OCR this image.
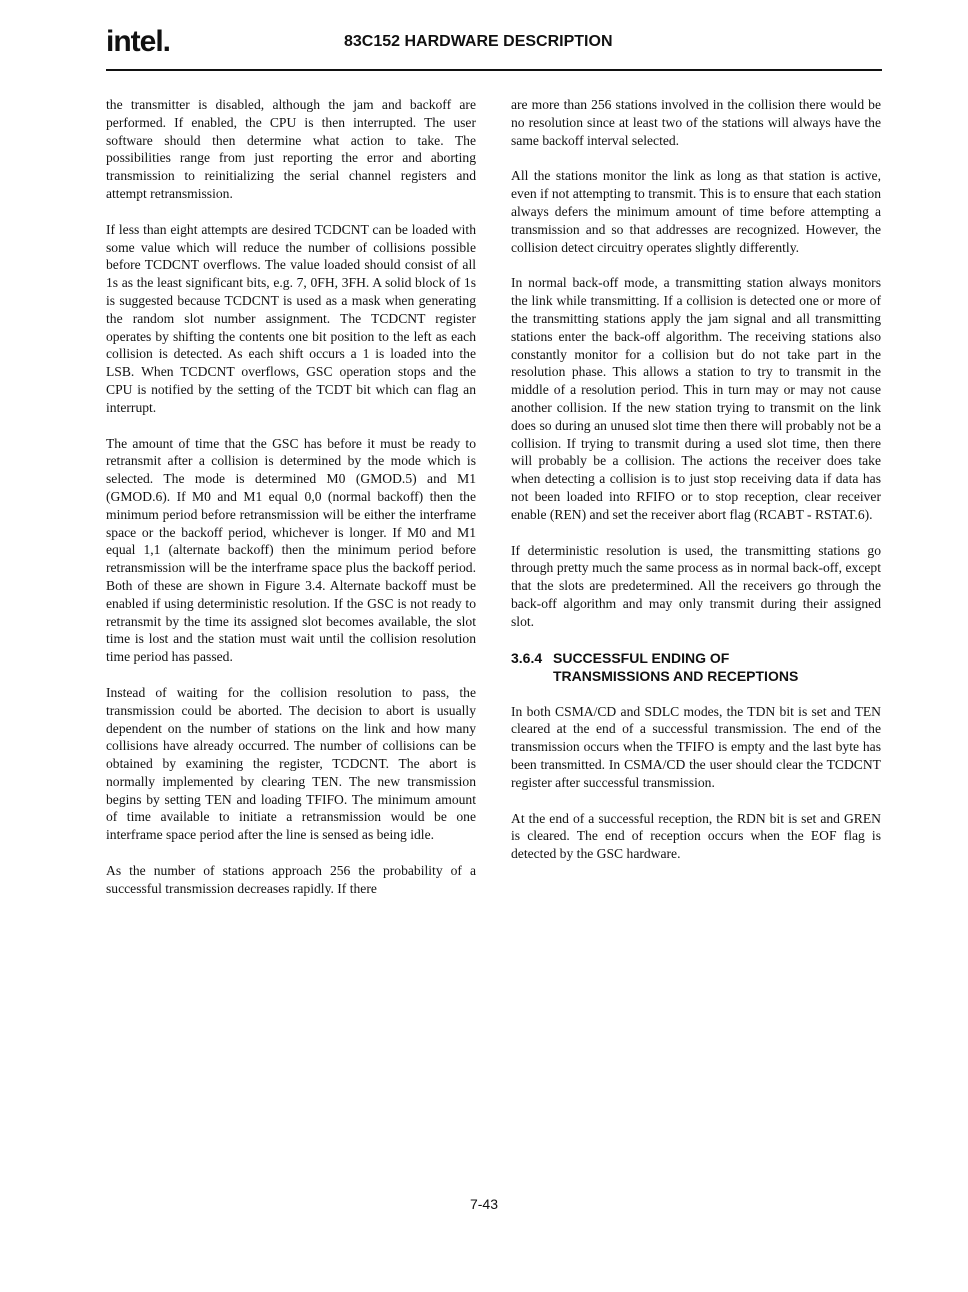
intel.	83C152 HARDWARE DESCRIPTION

the transmitter is disabled, although the jam and backoff are performed. If enabled, the CPU is then interrupted. The user software should then determine what action to take. The possibilities range from just reporting the error and aborting transmission to reinitializing the serial channel registers and attempt retransmission.

If less than eight attempts are desired TCDCNT can be loaded with some value which will reduce the number of collisions possible before TCDCNT overflows. The value loaded should consist of all 1s as the least significant bits, e.g. 7, 0FH, 3FH. A solid block of 1s is suggested because TCDCNT is used as a mask when generating the random slot number assignment. The TCDCNT register operates by shifting the contents one bit position to the left as each collision is detected. As each shift occurs a 1 is loaded into the LSB. When TCDCNT overflows, GSC operation stops and the CPU is notified by the setting of the TCDT bit which can flag an interrupt.

The amount of time that the GSC has before it must be ready to retransmit after a collision is determined by the mode which is selected. The mode is determined M0 (GMOD.5) and M1 (GMOD.6). If M0 and M1 equal 0,0 (normal backoff) then the minimum period before retransmission will be either the interframe space or the backoff period, whichever is longer. If M0 and M1 equal 1,1 (alternate backoff) then the minimum period before retransmission will be the interframe space plus the backoff period. Both of these are shown in Figure 3.4. Alternate backoff must be enabled if using deterministic resolution. If the GSC is not ready to retransmit by the time its assigned slot becomes available, the slot time is lost and the station must wait until the collision resolution time period has passed.

Instead of waiting for the collision resolution to pass, the transmission could be aborted. The decision to abort is usually dependent on the number of stations on the link and how many collisions have already occurred. The number of collisions can be obtained by examining the register, TCDCNT. The abort is normally implemented by clearing TEN. The new transmission begins by setting TEN and loading TFIFO. The minimum amount of time available to initiate a retransmission would be one interframe space period after the line is sensed as being idle.

As the number of stations approach 256 the probability of a successful transmission decreases rapidly. If there

are more than 256 stations involved in the collision there would be no resolution since at least two of the stations will always have the same backoff interval selected.

All the stations monitor the link as long as that station is active, even if not attempting to transmit. This is to ensure that each station always defers the minimum amount of time before attempting a transmission and so that addresses are recognized. However, the collision detect circuitry operates slightly differently.

In normal back-off mode, a transmitting station always monitors the link while transmitting. If a collision is detected one or more of the transmitting stations apply the jam signal and all transmitting stations enter the back-off algorithm. The receiving stations also constantly monitor for a collision but do not take part in the resolution phase. This allows a station to try to transmit in the middle of a resolution period. This in turn may or may not cause another collision. If the new station trying to transmit on the link does so during an unused slot time then there will probably not be a collision. If trying to transmit during a used slot time, then there will probably be a collision. The actions the receiver does take when detecting a collision is to just stop receiving data if data has not been loaded into RFIFO or to stop reception, clear receiver enable (REN) and set the receiver abort flag (RCABT - RSTAT.6).

If deterministic resolution is used, the transmitting stations go through pretty much the same process as in normal back-off, except that the slots are predetermined. All the receivers go through the back-off algorithm and may only transmit during their assigned slot.

3.6.4 SUCCESSFUL ENDING OF
TRANSMISSIONS AND RECEPTIONS

In both CSMA/CD and SDLC modes, the TDN bit is set and TEN cleared at the end of a successful transmission. The end of the transmission occurs when the TFIFO is empty and the last byte has been transmitted. In CSMA/CD the user should clear the TCDCNT register after successful transmission.

At the end of a successful reception, the RDN bit is set and GREN is cleared. The end of reception occurs when the EOF flag is detected by the GSC hardware.

7-43
